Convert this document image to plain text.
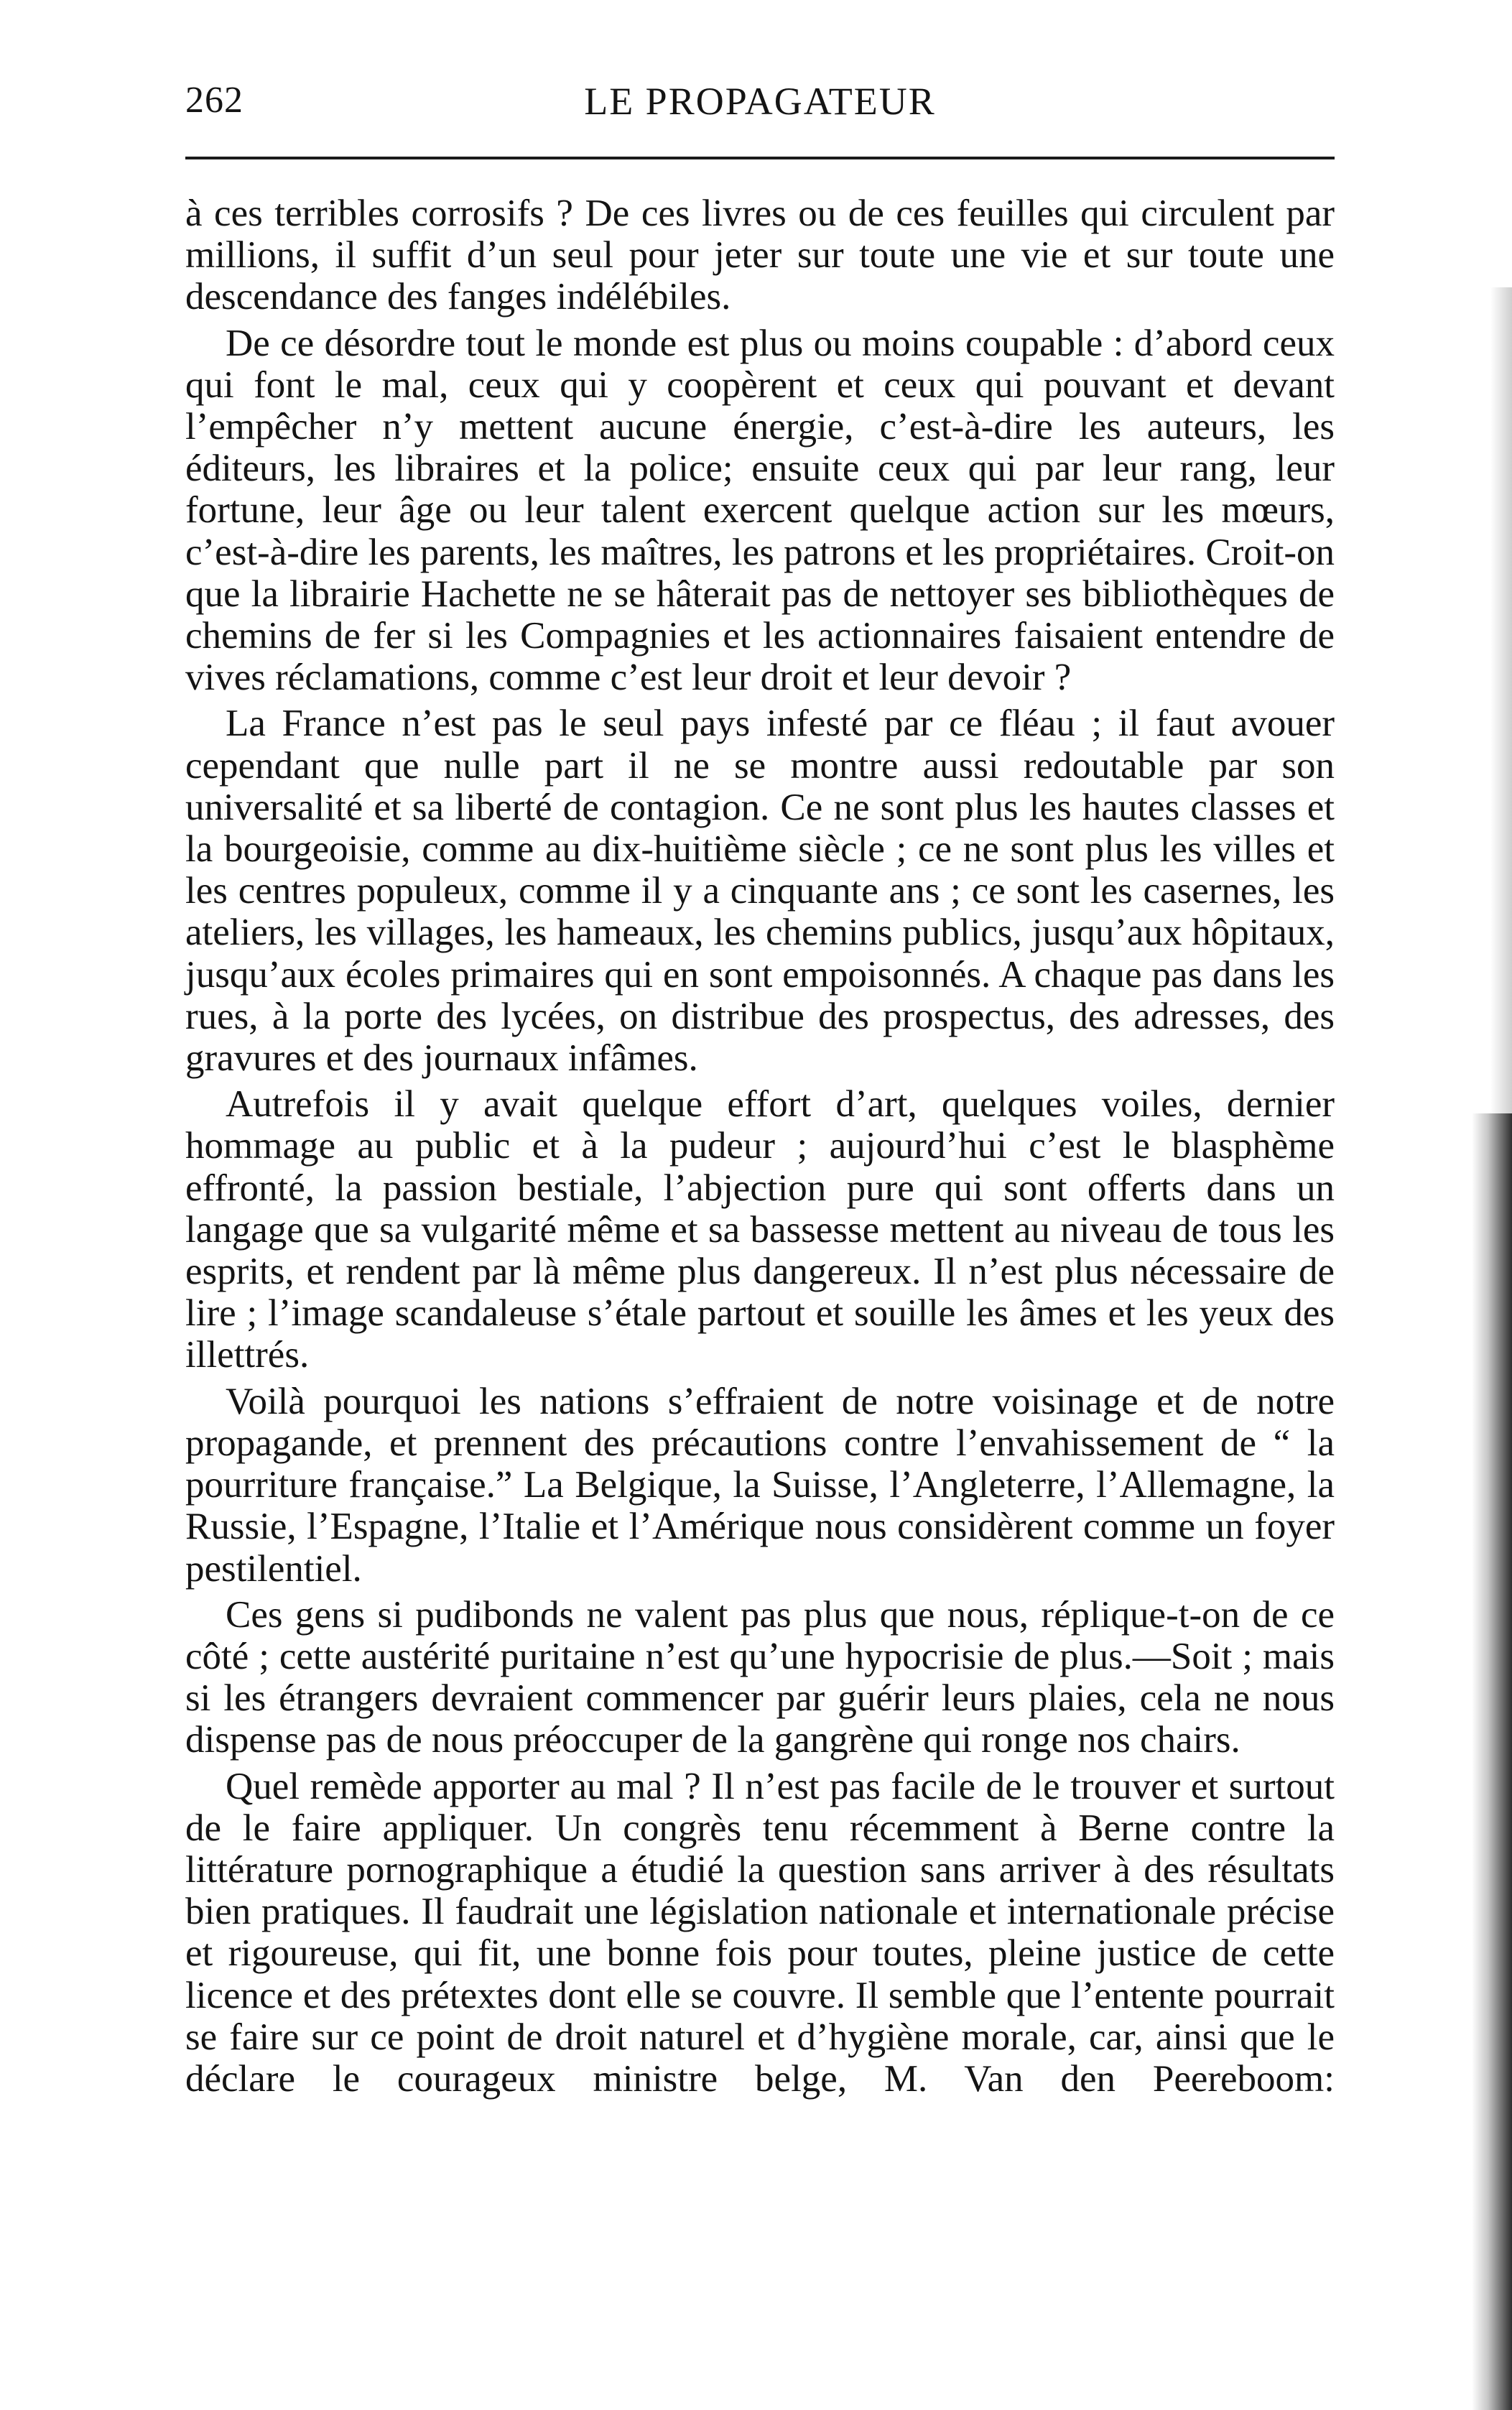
262	LE PROPAGATEUR

à ces terribles corrosifs ? De ces livres ou de ces feuilles qui circulent par millions, il suffit d’un seul pour jeter sur toute une vie et sur toute une descendance des fanges indélébiles.

De ce désordre tout le monde est plus ou moins coupable : d’abord ceux qui font le mal, ceux qui y coopèrent et ceux qui pouvant et devant l’empêcher n’y mettent aucune énergie, c’est-à-dire les auteurs, les éditeurs, les libraires et la police; ensuite ceux qui par leur rang, leur fortune, leur âge ou leur talent exercent quelque action sur les mœurs, c’est-à-dire les parents, les maîtres, les patrons et les propriétaires. Croit-on que la librairie Hachette ne se hâterait pas de nettoyer ses bibliothèques de chemins de fer si les Compagnies et les actionnaires faisaient entendre de vives réclamations, comme c’est leur droit et leur devoir ?

La France n’est pas le seul pays infesté par ce fléau ; il faut avouer cependant que nulle part il ne se montre aussi redoutable par son universalité et sa liberté de contagion. Ce ne sont plus les hautes classes et la bourgeoisie, comme au dix-huitième siècle ; ce ne sont plus les villes et les centres populeux, comme il y a cinquante ans ; ce sont les casernes, les ateliers, les villages, les hameaux, les chemins publics, jusqu’aux hôpitaux, jusqu’aux écoles primaires qui en sont empoisonnés. A chaque pas dans les rues, à la porte des lycées, on distribue des prospectus, des adresses, des gravures et des journaux infâmes.

Autrefois il y avait quelque effort d’art, quelques voiles, dernier hommage au public et à la pudeur ; aujourd’hui c’est le blasphème effronté, la passion bestiale, l’abjection pure qui sont offerts dans un langage que sa vulgarité même et sa bassesse mettent au niveau de tous les esprits, et rendent par là même plus dangereux. Il n’est plus nécessaire de lire ; l’image scandaleuse s’étale partout et souille les âmes et les yeux des illettrés.

Voilà pourquoi les nations s’effraient de notre voisinage et de notre propagande, et prennent des précautions contre l’envahissement de “ la pourriture française.” La Belgique, la Suisse, l’Angleterre, l’Allemagne, la Russie, l’Espagne, l’Italie et l’Amérique nous considèrent comme un foyer pestilentiel.

Ces gens si pudibonds ne valent pas plus que nous, réplique-t-on de ce côté ; cette austérité puritaine n’est qu’une hypocrisie de plus.—Soit ; mais si les étrangers devraient commencer par guérir leurs plaies, cela ne nous dispense pas de nous préoccuper de la gangrène qui ronge nos chairs.

Quel remède apporter au mal ? Il n’est pas facile de le trouver et surtout de le faire appliquer. Un congrès tenu récemment à Berne contre la littérature pornographique a étudié la question sans arriver à des résultats bien pratiques. Il faudrait une législation nationale et internationale précise et rigoureuse, qui fit, une bonne fois pour toutes, pleine justice de cette licence et des prétextes dont elle se couvre. Il semble que l’entente pourrait se faire sur ce point de droit naturel et d’hygiène morale, car, ainsi que le déclare le courageux ministre belge, M. Van den Peereboom:
